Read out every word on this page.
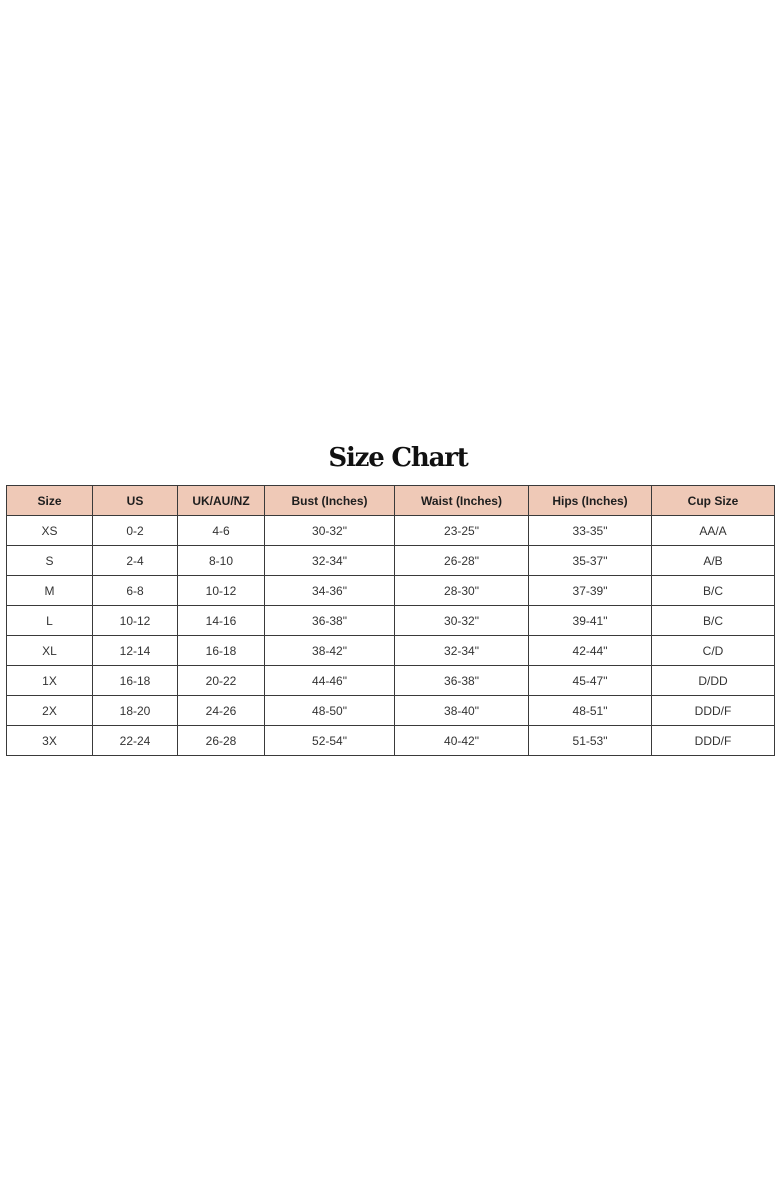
Size Chart
Size	US	UK/AU/NZ	Bust (Inches)	Waist (Inches)	Hips (Inches)	Cup Size
XS	0-2	4-6	30-32"	23-25"	33-35"	AA/A
S	2-4	8-10	32-34"	26-28"	35-37"	A/B
M	6-8	10-12	34-36"	28-30"	37-39"	B/C
L	10-12	14-16	36-38"	30-32"	39-41"	B/C
XL	12-14	16-18	38-42"	32-34"	42-44"	C/D
1X	16-18	20-22	44-46"	36-38"	45-47"	D/DD
2X	18-20	24-26	48-50"	38-40"	48-51"	DDD/F
3X	22-24	26-28	52-54"	40-42"	51-53"	DDD/F
